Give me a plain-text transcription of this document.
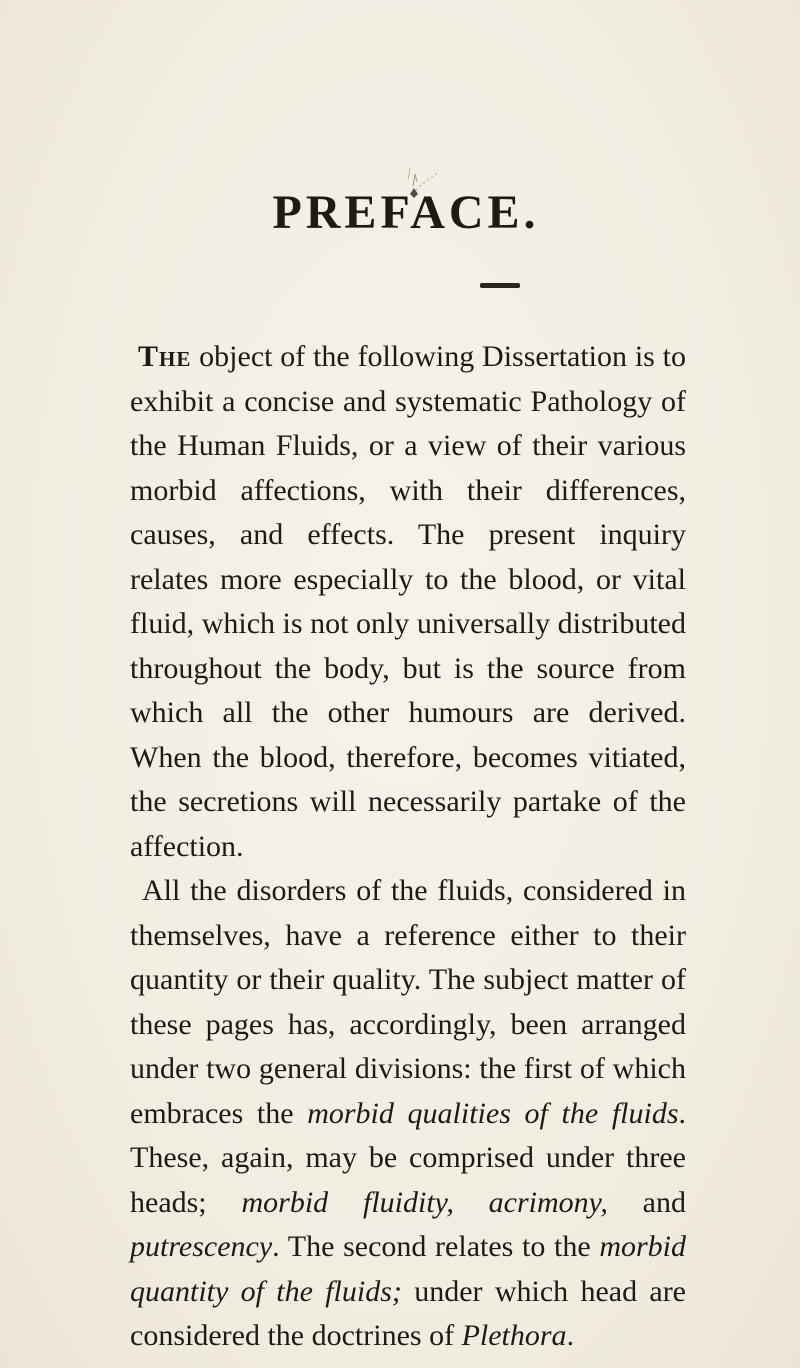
PREFACE.

The object of the following Dissertation is to exhibit a concise and systematic Pathology of the Human Fluids, or a view of their various morbid affections, with their differences, causes, and effects. The present inquiry relates more especially to the blood, or vital fluid, which is not only universally distributed throughout the body, but is the source from which all the other humours are derived. When the blood, therefore, becomes vitiated, the secretions will necessarily partake of the affection.

All the disorders of the fluids, considered in themselves, have a reference either to their quantity or their quality. The subject matter of these pages has, accordingly, been arranged under two general divisions: the first of which embraces the morbid qualities of the fluids. These, again, may be comprised under three heads; morbid fluidity, acrimony, and putrescency. The second relates to the morbid quantity of the fluids; under which head are considered the doctrines of Plethora.
